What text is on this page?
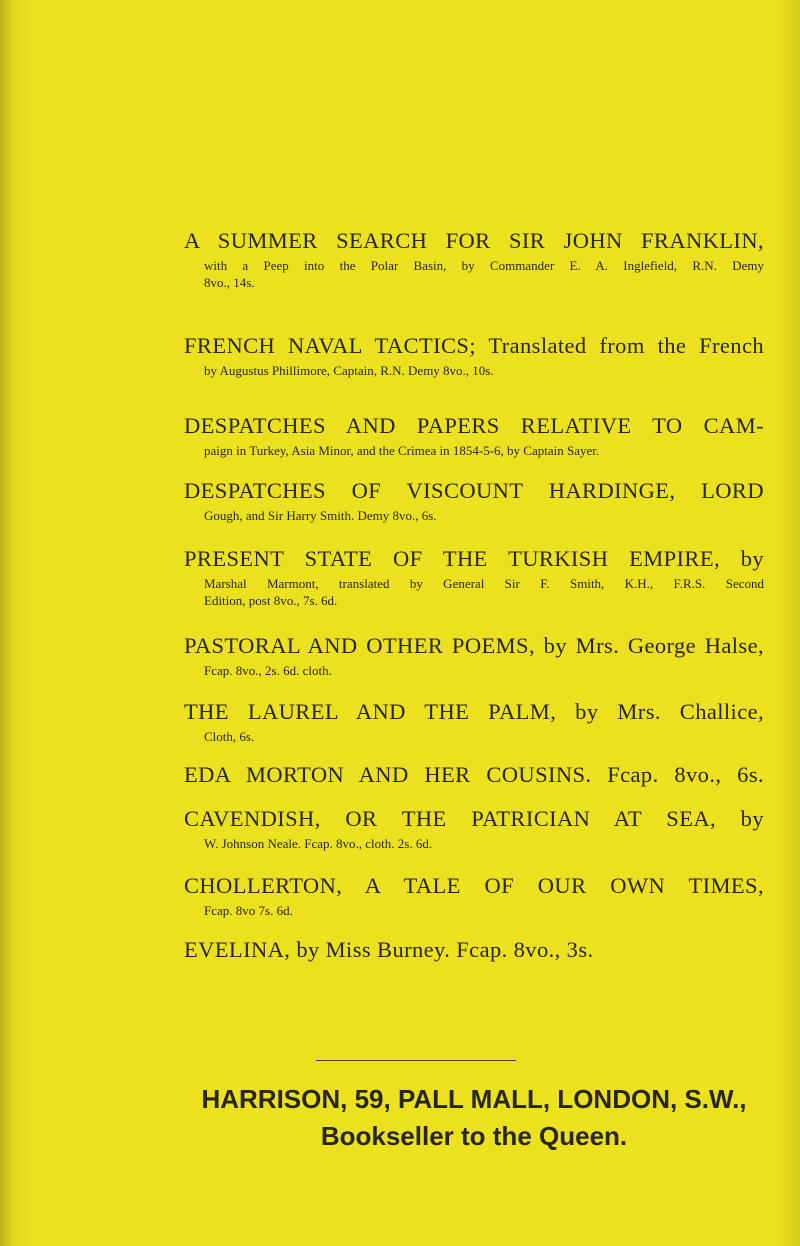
A SUMMER SEARCH FOR SIR JOHN FRANKLIN,
with a Peep into the Polar Basin, by Commander E. A. Inglefield, R.N. Demy
8vo., 14s.
FRENCH NAVAL TACTICS; Translated from the French
by Augustus Phillimore, Captain, R.N. Demy 8vo., 10s.
DESPATCHES AND PAPERS RELATIVE TO CAM-
paign in Turkey, Asia Minor, and the Crimea in 1854-5-6, by Captain Sayer.
DESPATCHES OF VISCOUNT HARDINGE, LORD
Gough, and Sir Harry Smith. Demy 8vo., 6s.
PRESENT STATE OF THE TURKISH EMPIRE, by
Marshal Marmont, translated by General Sir F. Smith, K.H., F.R.S. Second
Edition, post 8vo., 7s. 6d.
PASTORAL AND OTHER POEMS, by Mrs. George Halse,
Fcap. 8vo., 2s. 6d. cloth.
THE LAUREL AND THE PALM, by Mrs. Challice,
Cloth, 6s.
EDA MORTON AND HER COUSINS. Fcap. 8vo., 6s.
CAVENDISH, OR THE PATRICIAN AT SEA, by
W. Johnson Neale. Fcap. 8vo., cloth. 2s. 6d.
CHOLLERTON, A TALE OF OUR OWN TIMES,
Fcap. 8vo 7s. 6d.
EVELINA, by Miss Burney. Fcap. 8vo., 3s.
HARRISON, 59, PALL MALL, LONDON, S.W.,
Bookseller to the Queen.
